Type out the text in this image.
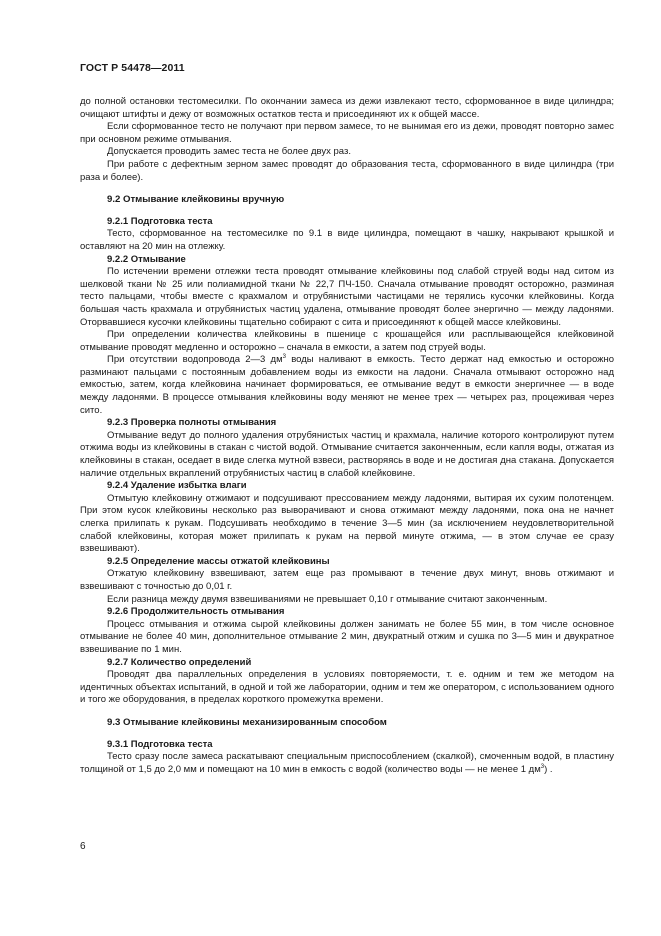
ГОСТ Р 54478—2011

до полной остановки тестомесилки. По окончании замеса из дежи извлекают тесто, сформованное в виде цилиндра; очищают штифты и дежу от возможных остатков теста и присоединяют их к общей массе.

Если сформованное тесто не получают при первом замесе, то не вынимая его из дежи, проводят повторно замес при основном режиме отмывания.

Допускается проводить замес теста не более двух раз.

При работе с дефектным зерном замес проводят до образования теста, сформованного в виде цилиндра (три раза и более).

9.2 Отмывание клейковины вручную
9.2.1 Подготовка теста

Тесто, сформованное на тестомесилке по 9.1 в виде цилиндра, помещают в чашку, накрывают крышкой и оставляют на 20 мин на отлежку.

9.2.2 Отмывание

По истечении времени отлежки теста проводят отмывание клейковины под слабой струей воды над ситом из шелковой ткани № 25 или полиамидной ткани № 22,7 ПЧ-150. Сначала отмывание проводят осторожно, разминая тесто пальцами, чтобы вместе с крахмалом и отрубянистыми частицами не терялись кусочки клейковины. Когда большая часть крахмала и отрубянистых частиц удалена, отмывание проводят более энергично — между ладонями. Оторвавшиеся кусочки клейковины тщательно собирают с сита и присоединяют к общей массе клейковины.

При определении количества клейковины в пшенице с крошащейся или расплывающейся клейковиной отмывание проводят медленно и осторожно – сначала в емкости, а затем под струей воды.

При отсутствии водопровода 2—3 $дм^3$ воды наливают в емкость. Тесто держат над емкостью и осторожно разминают пальцами с постоянным добавлением воды из емкости на ладони. Сначала отмывают осторожно над емкостью, затем, когда клейковина начинает формироваться, ее отмывание ведут в емкости энергичнее — в воде между ладонями. В процессе отмывания клейковины воду меняют не менее трех — четырех раз, процеживая через сито.

9.2.3 Проверка полноты отмывания

Отмывание ведут до полного удаления отрубянистых частиц и крахмала, наличие которого контролируют путем отжима воды из клейковины в стакан с чистой водой. Отмывание считается законченным, если капля воды, отжатая из клейковины в стакан, оседает в виде слегка мутной взвеси, растворяясь в воде и не достигая дна стакана. Допускается наличие отдельных вкраплений отрубянистых частиц в слабой клейковине.

9.2.4 Удаление избытка влаги

Отмытую клейковину отжимают и подсушивают прессованием между ладонями, вытирая их сухим полотенцем. При этом кусок клейковины несколько раз выворачивают и снова отжимают между ладонями, пока она не начнет слегка прилипать к рукам. Подсушивать необходимо в течение 3—5 мин (за исключением неудовлетворительной слабой клейковины, которая может прилипать к рукам на первой минуте отжима, — в этом случае ее сразу взвешивают).

9.2.5 Определение массы отжатой клейковины

Отжатую клейковину взвешивают, затем еще раз промывают в течение двух минут, вновь отжимают и взвешивают с точностью до 0,01 г.

Если разница между двумя взвешиваниями не превышает 0,10 г отмывание считают законченным.

9.2.6 Продолжительность отмывания

Процесс отмывания и отжима сырой клейковины должен занимать не более 55 мин, в том числе основное отмывание не более 40 мин, дополнительное отмывание 2 мин, двукратный отжим и сушка по 3—5 мин и двукратное взвешивание по 1 мин.

9.2.7 Количество определений

Проводят два параллельных определения в условиях повторяемости, т. е. одним и тем же методом на идентичных объектах испытаний, в одной и той же лаборатории, одним и тем же оператором, с использованием одного и того же оборудования, в пределах короткого промежутка времени.

9.3 Отмывание клейковины механизированным способом
9.3.1 Подготовка теста

Тесто сразу после замеса раскатывают специальным приспособлением (скалкой), смоченным водой, в пластину толщиной от 1,5 до 2,0 мм и помещают на 10 мин в емкость с водой (количество воды — не менее 1 $дм^3$) .

6
